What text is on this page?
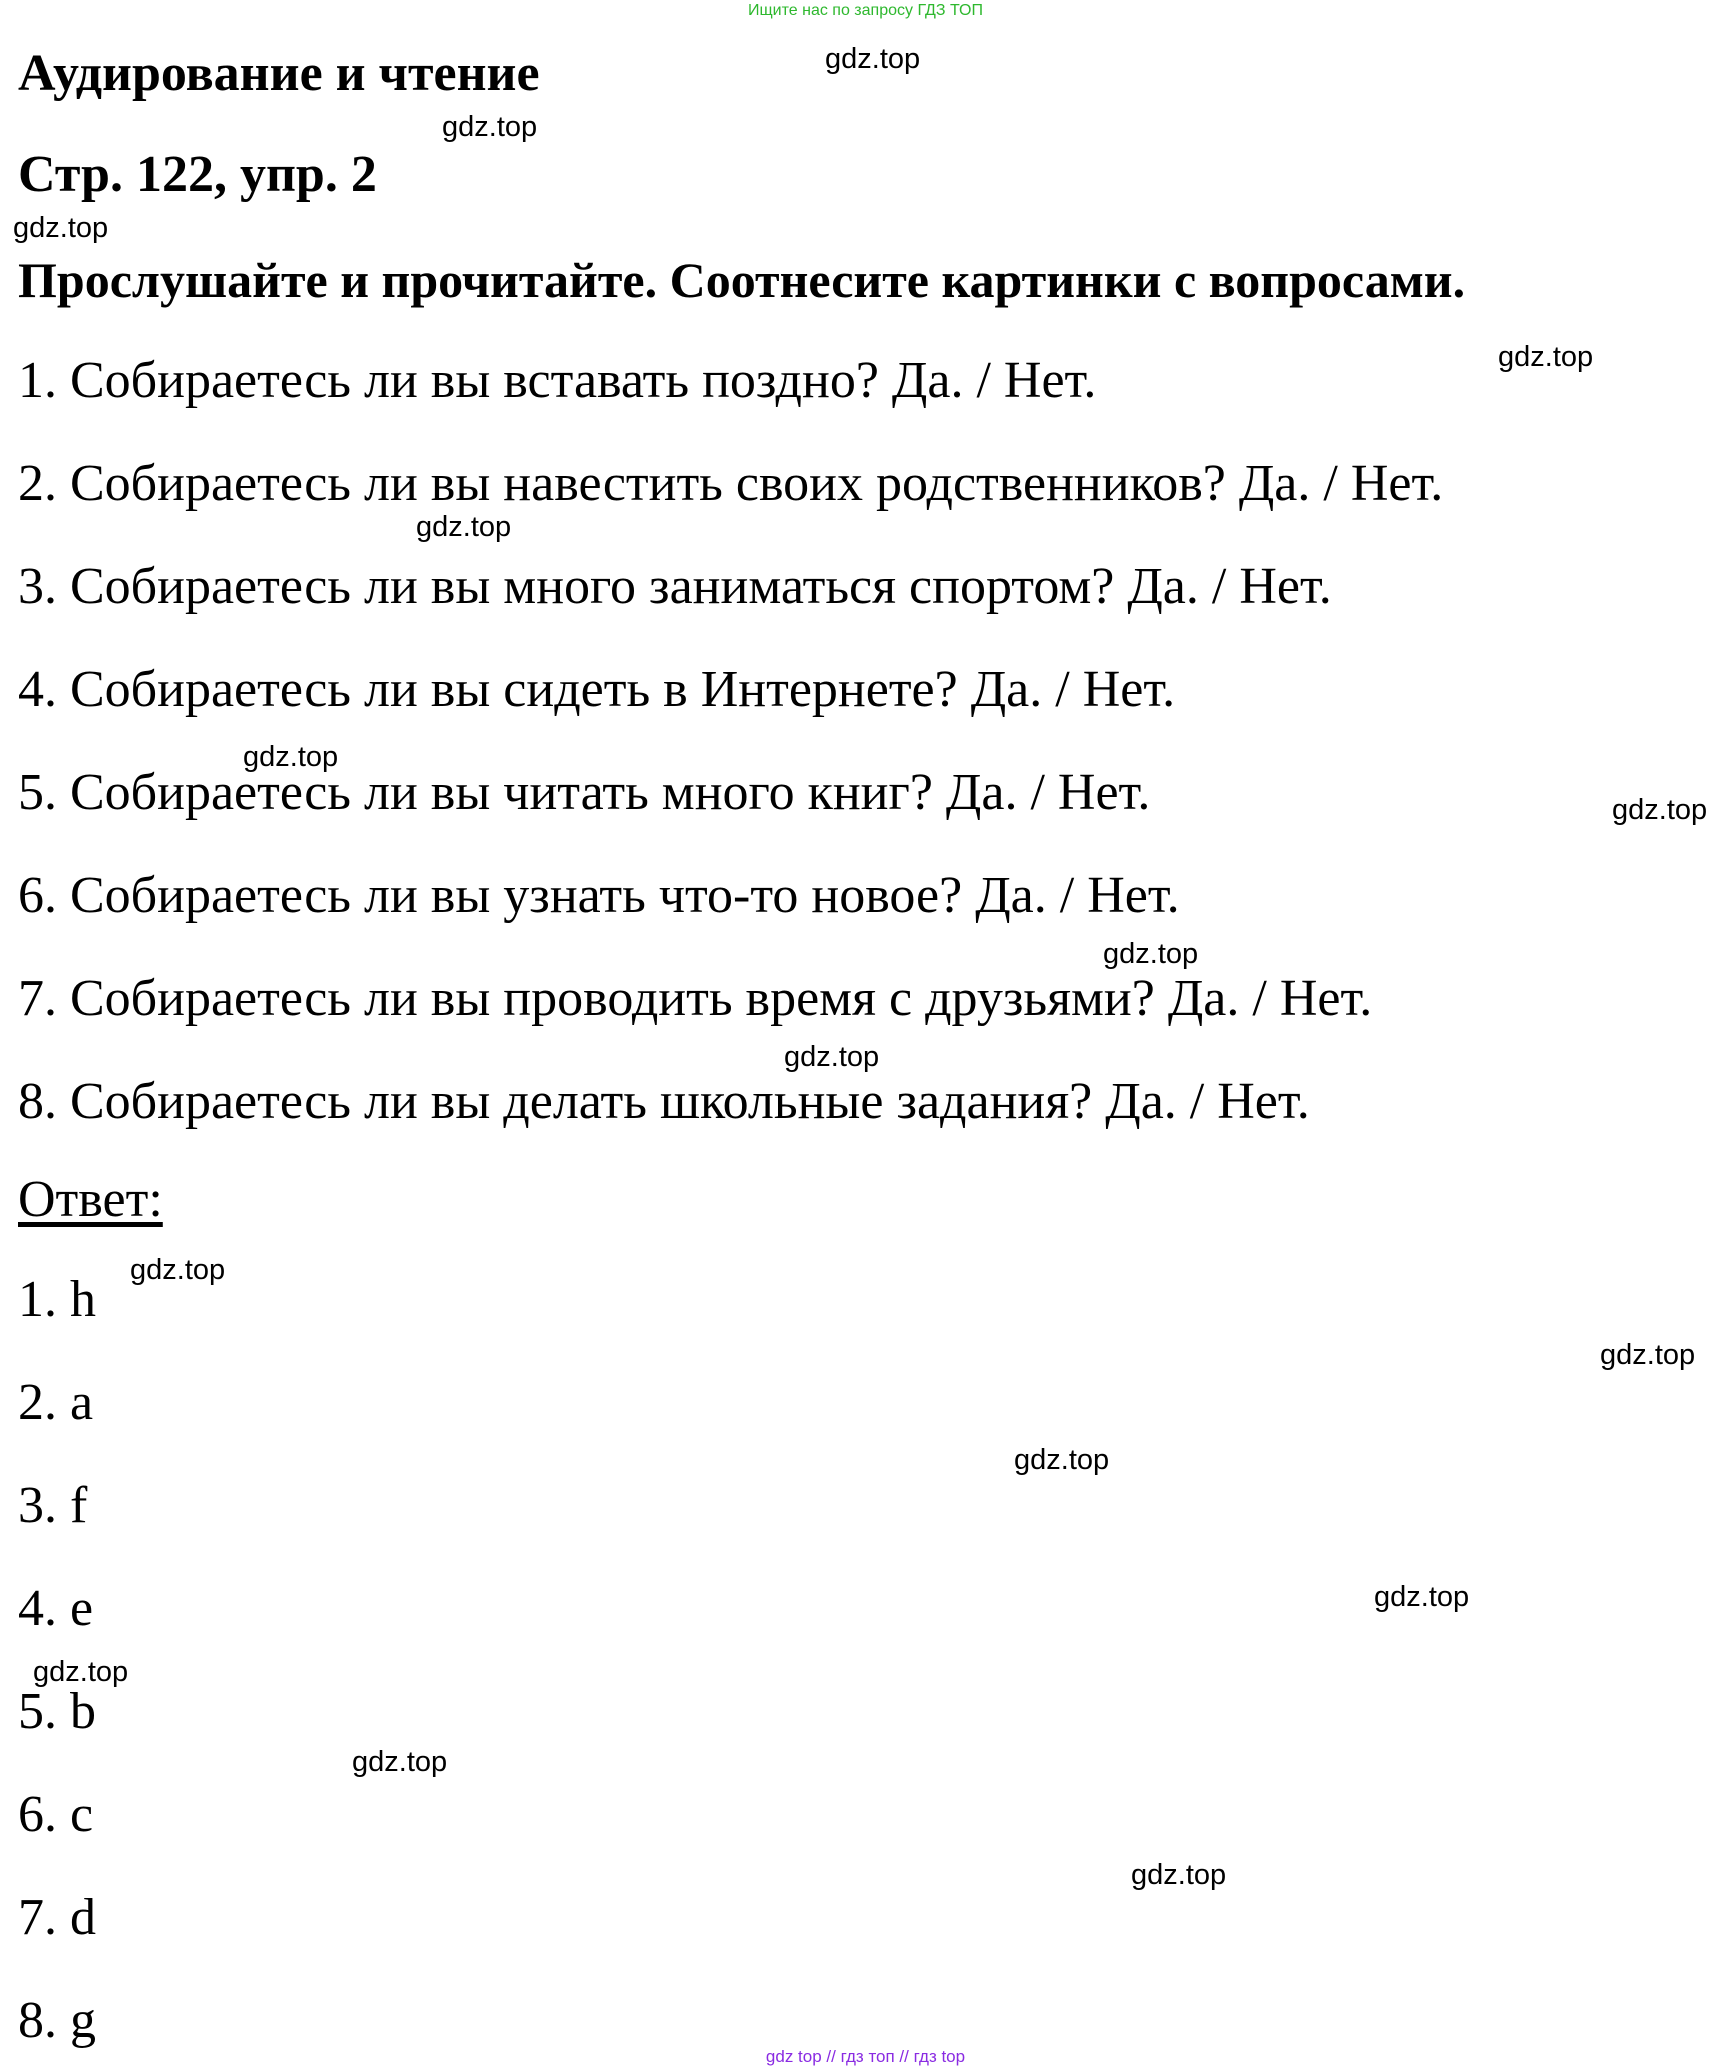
Ищите нас по запросу ГДЗ ТОП
Аудирование и чтение
Стр. 122, упр. 2
Прослушайте и прочитайте. Соотнесите картинки с вопросами.
1. Собираетесь ли вы вставать поздно? Да. / Нет.
2. Собираетесь ли вы навестить своих родственников? Да. / Нет.
3. Собираетесь ли вы много заниматься спортом? Да. / Нет.
4. Собираетесь ли вы сидеть в Интернете? Да. / Нет.
5. Собираетесь ли вы читать много книг? Да. / Нет.
6. Собираетесь ли вы узнать что-то новое? Да. / Нет.
7. Собираетесь ли вы проводить время с друзьями? Да. / Нет.
8. Собираетесь ли вы делать школьные задания? Да. / Нет.
Ответ:
1. h
2. a
3. f
4. e
5. b
6. c
7. d
8. g
gdz.top
gdz.top
gdz.top
gdz.top
gdz.top
gdz.top
gdz.top
gdz.top
gdz.top
gdz.top
gdz.top
gdz.top
gdz.top
gdz.top
gdz.top
gdz.top
gdz top // гдз топ // гдз top
